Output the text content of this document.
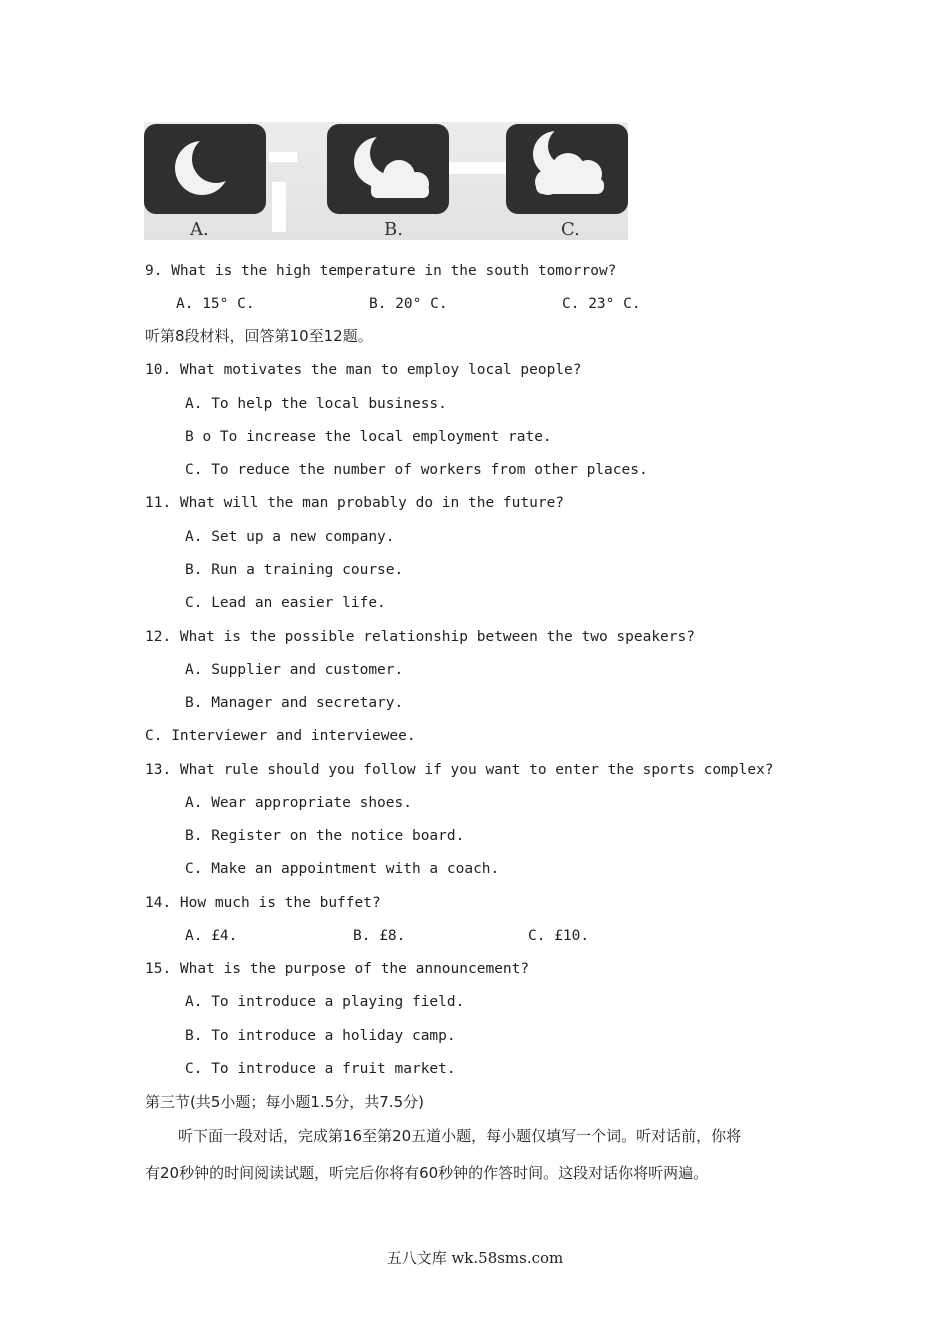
A.	B.	C.
9. What is the high temperature in the south tomorrow?
A. 15° C.	B. 20° C.	C. 23° C.
听第8段材料，回答第10至12题。
10. What motivates the man to employ local people?
A. To help the local business.
B o To increase the local employment rate.
C. To reduce the number of workers from other places.
11. What will the man probably do in the future?
A. Set up a new company.
B. Run a training course.
C. Lead an easier life.
12. What is the possible relationship between the two speakers?
A. Supplier and customer.
B. Manager and secretary.
C. Interviewer and interviewee.
13. What rule should you follow if you want to enter the sports complex?
A. Wear appropriate shoes.
B. Register on the notice board.
C. Make an appointment with a coach.
14. How much is the buffet?
A. £4.	B. £8.	C. £10.
15. What is the purpose of the announcement?
A. To introduce a playing field.
B. To introduce a holiday camp.
C. To introduce a fruit market.
第三节(共5小题；每小题1.5分，共7.5分)
听下面一段对话，完成第16至第20五道小题，每小题仅填写一个词。听对话前，你将
有20秒钟的时间阅读试题，听完后你将有60秒钟的作答时间。这段对话你将听两遍。
五八文库 wk.58sms.com
